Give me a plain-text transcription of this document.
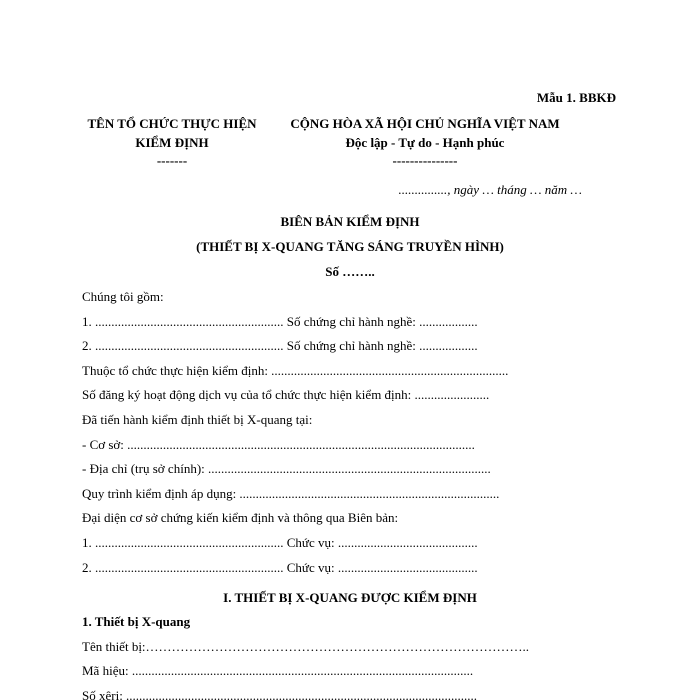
Mẫu 1. BBKĐ
TÊN TỔ CHỨC THỰC HIỆN
KIỂM ĐỊNH
-------
CỘNG HÒA XÃ HỘI CHỦ NGHĨA VIỆT NAM
Độc lập - Tự do - Hạnh phúc
---------------
..............., ngày … tháng … năm …
BIÊN BẢN KIỂM ĐỊNH
(THIẾT BỊ X-QUANG TĂNG SÁNG TRUYỀN HÌNH)
Số ……..
Chúng tôi gồm:
1. .......................................................... Số chứng chỉ hành nghề: ..................
2. .......................................................... Số chứng chỉ hành nghề: ..................
Thuộc tổ chức thực hiện kiểm định: .........................................................................
Số đăng ký hoạt động dịch vụ của tổ chức thực hiện kiểm định: .......................
Đã tiến hành kiểm định thiết bị X-quang tại:
- Cơ sở: ...........................................................................................................
- Địa chỉ (trụ sở chính): .......................................................................................
Quy trình kiểm định áp dụng: ................................................................................
Đại diện cơ sở chứng kiến kiểm định và thông qua Biên bản:
1. .......................................................... Chức vụ: ...........................................
2. .......................................................... Chức vụ: ...........................................
I. THIẾT BỊ X-QUANG ĐƯỢC KIỂM ĐỊNH
1. Thiết bị X-quang
Tên thiết bị:……………………………………………………………………………..
Mã hiệu: .........................................................................................................
Số xêri: ............................................................................................................
